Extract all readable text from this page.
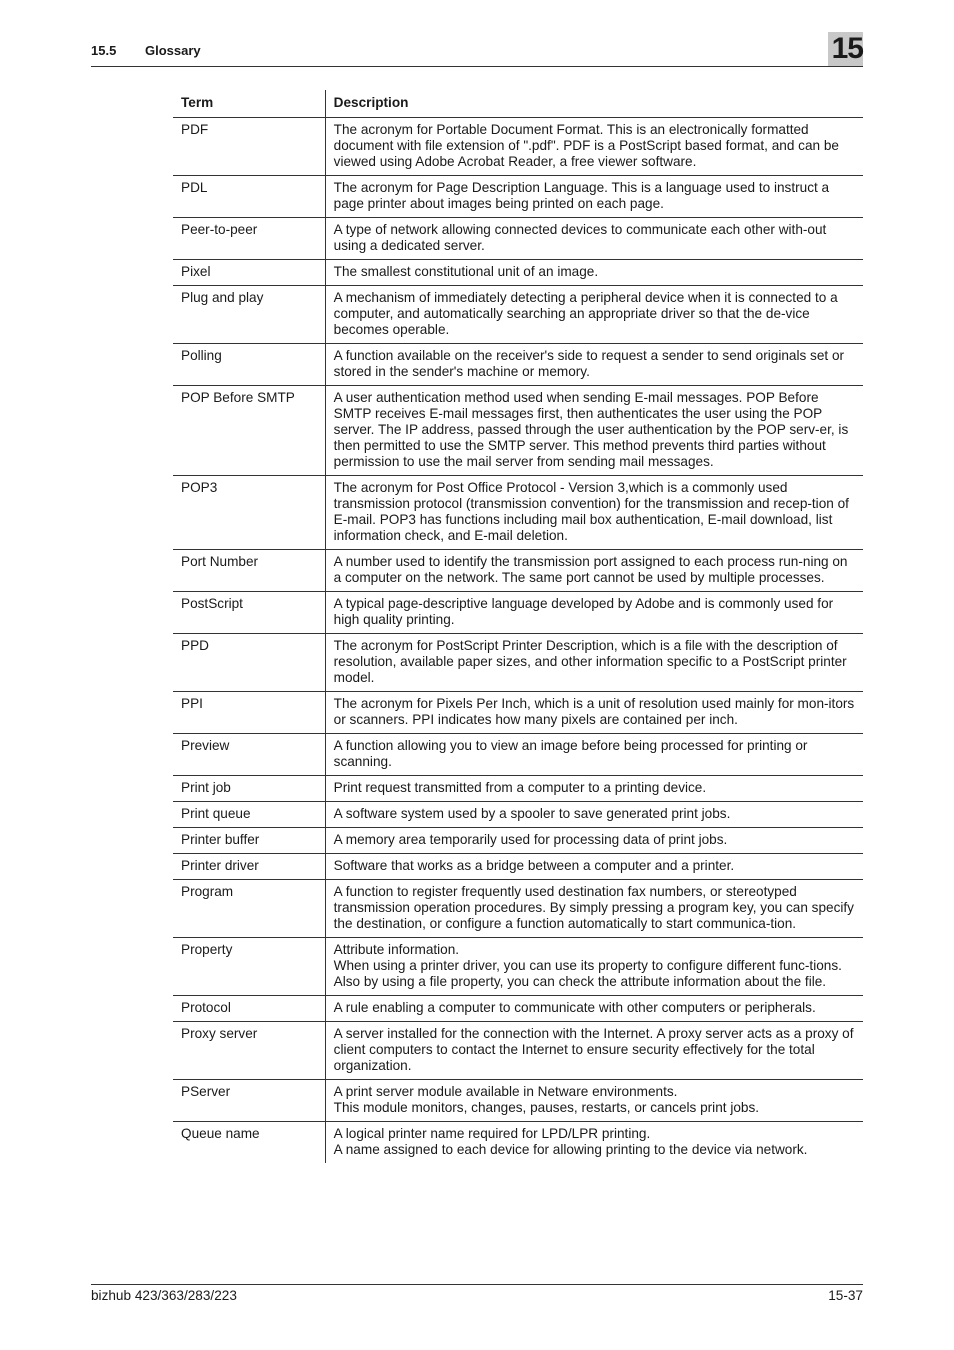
15.5 Glossary	15
Term	Description
PDF	The acronym for Portable Document Format. This is an electronically formatted document with file extension of ".pdf". PDF is a PostScript based format, and can be viewed using Adobe Acrobat Reader, a free viewer software.

PDL	The acronym for Page Description Language. This is a language used to instruct a page printer about images being printed on each page.

Peer-to-peer	A type of network allowing connected devices to communicate each other with-out using a dedicated server.

Pixel	The smallest constitutional unit of an image.

Plug and play	A mechanism of immediately detecting a peripheral device when it is connected to a computer, and automatically searching an appropriate driver so that the de-vice becomes operable.

Polling	A function available on the receiver's side to request a sender to send originals set or stored in the sender's machine or memory.

POP Before SMTP	A user authentication method used when sending E-mail messages. POP Before SMTP receives E-mail messages first, then authenticates the user using the POP server. The IP address, passed through the user authentication by the POP serv-er, is then permitted to use the SMTP server. This method prevents third parties without permission to use the mail server from sending mail messages.

POP3	The acronym for Post Office Protocol - Version 3,which is a commonly used transmission protocol (transmission convention) for the transmission and recep-tion of E-mail. POP3 has functions including mail box authentication, E-mail download, list information check, and E-mail deletion.

Port Number	A number used to identify the transmission port assigned to each process run-ning on a computer on the network. The same port cannot be used by multiple processes.

PostScript	A typical page-descriptive language developed by Adobe and is commonly used for high quality printing.

PPD	The acronym for PostScript Printer Description, which is a file with the description of resolution, available paper sizes, and other information specific to a PostScript printer model.

PPI	The acronym for Pixels Per Inch, which is a unit of resolution used mainly for mon-itors or scanners. PPI indicates how many pixels are contained per inch.

Preview	A function allowing you to view an image before being processed for printing or scanning.

Print job	Print request transmitted from a computer to a printing device.

Print queue	A software system used by a spooler to save generated print jobs.

Printer buffer	A memory area temporarily used for processing data of print jobs.

Printer driver	Software that works as a bridge between a computer and a printer.

Program	A function to register frequently used destination fax numbers, or stereotyped transmission operation procedures. By simply pressing a program key, you can specify the destination, or configure a function automatically to start communica-tion.

Property	Attribute information.
When using a printer driver, you can use its property to configure different func-tions.
Also by using a file property, you can check the attribute information about the file.

Protocol	A rule enabling a computer to communicate with other computers or peripherals.

Proxy server	A server installed for the connection with the Internet. A proxy server acts as a proxy of client computers to contact the Internet to ensure security effectively for the total organization.

PServer	A print server module available in Netware environments.
This module monitors, changes, pauses, restarts, or cancels print jobs.

Queue name	A logical printer name required for LPD/LPR printing.
A name assigned to each device for allowing printing to the device via network.
bizhub 423/363/283/223	15-37
